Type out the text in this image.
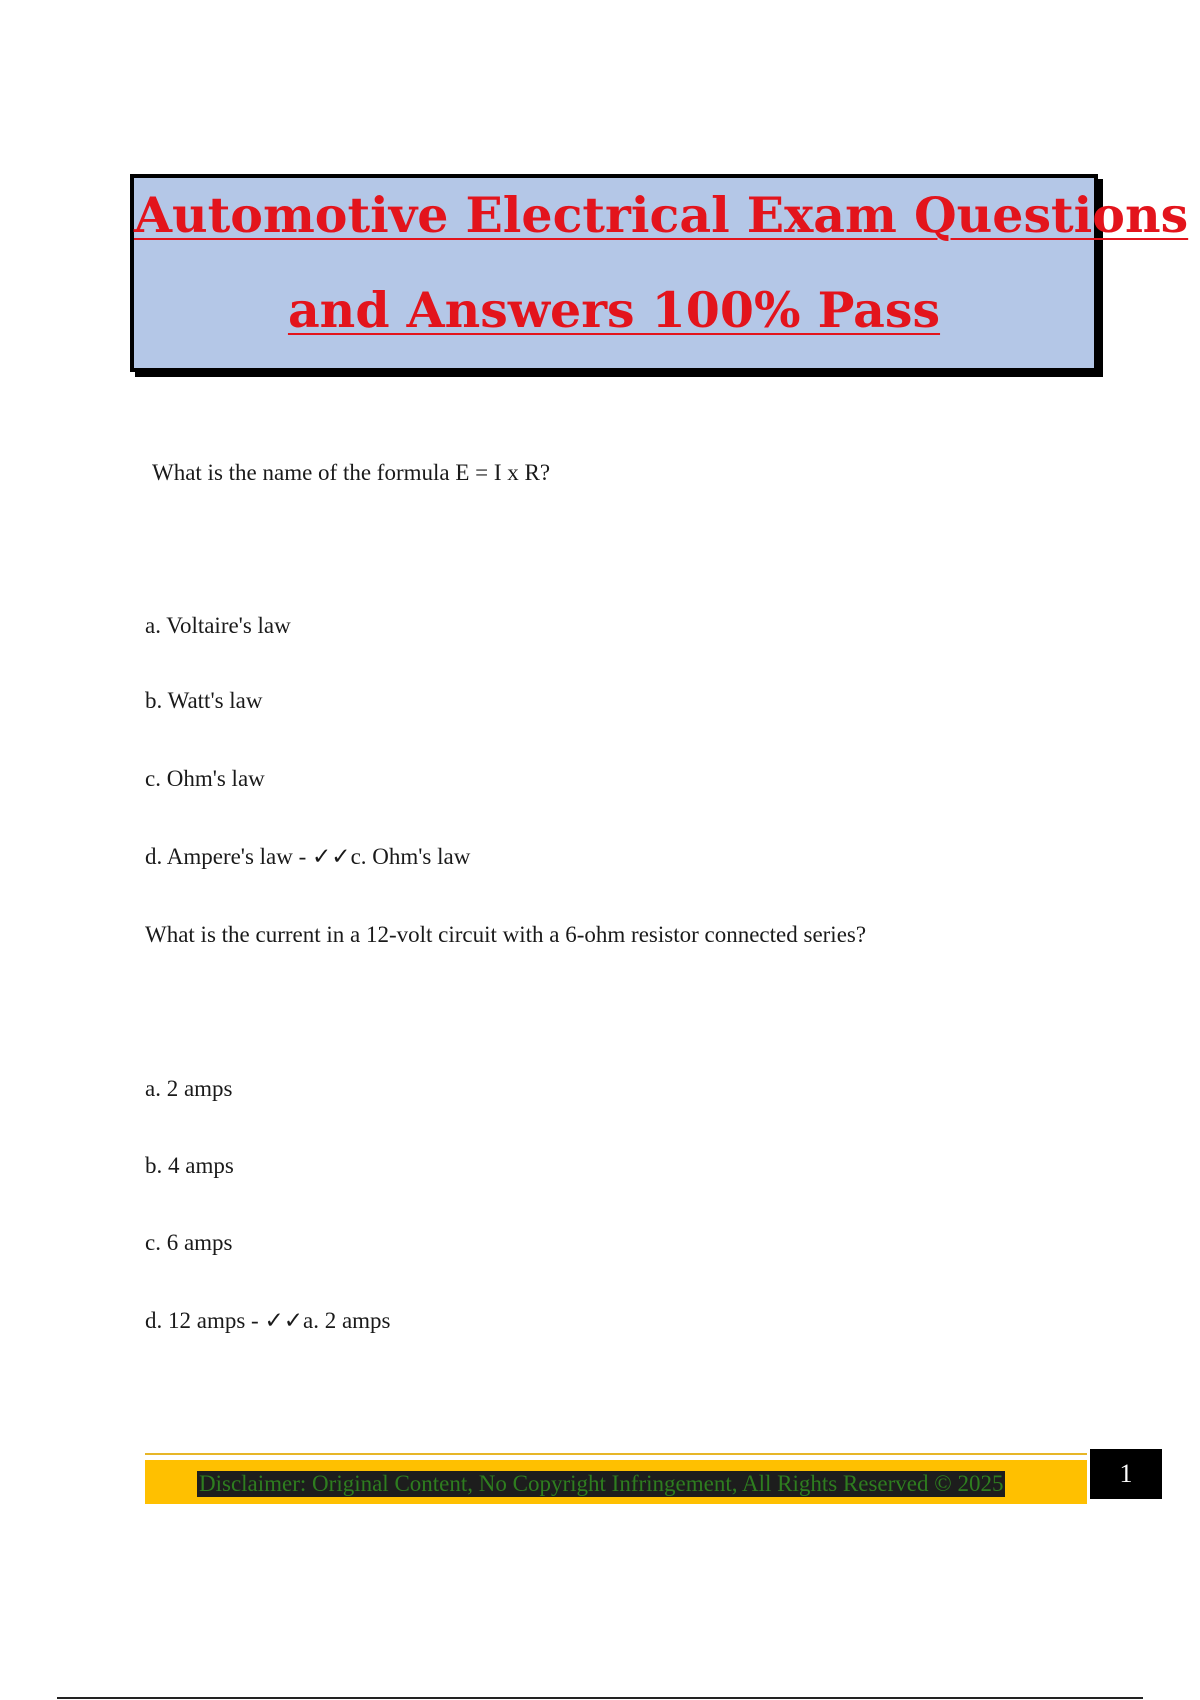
Automotive Electrical Exam Questions
and Answers 100% Pass
What is the name of the formula E = I x R?
a. Voltaire's law
b. Watt's law
c. Ohm's law
d. Ampere's law - ✓✓c. Ohm's law
What is the current in a 12-volt circuit with a 6-ohm resistor connected series?
a. 2 amps
b. 4 amps
c. 6 amps
d. 12 amps - ✓✓a. 2 amps
Disclaimer: Original Content, No Copyright Infringement, All Rights Reserved © 2025	1
